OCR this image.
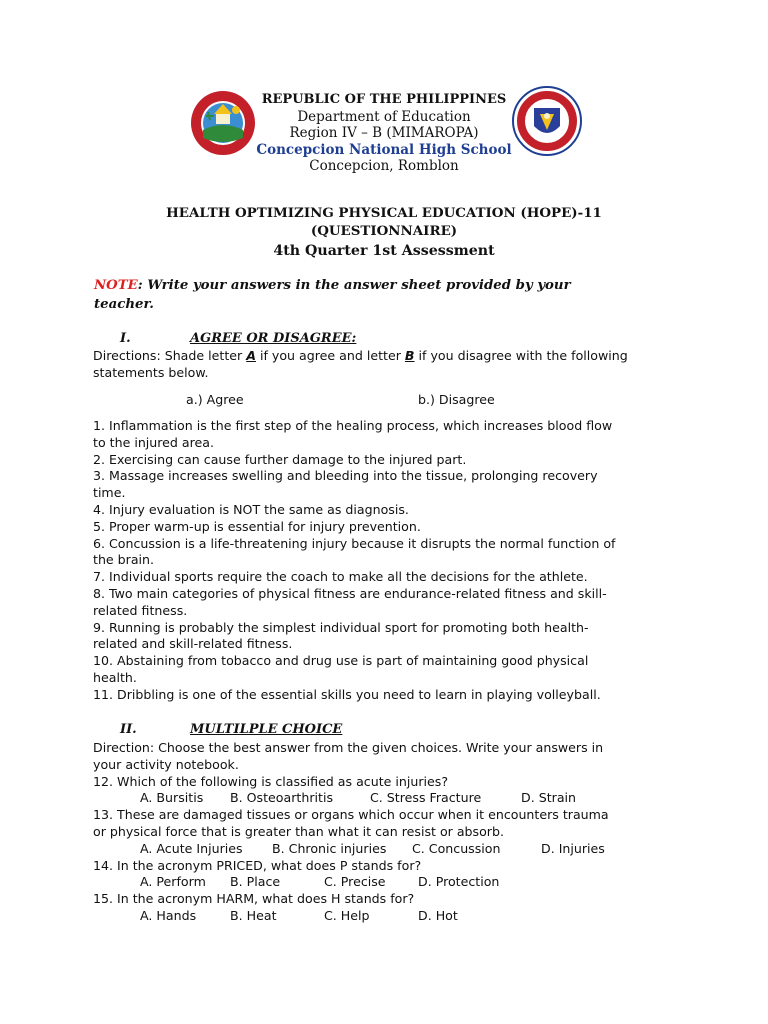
REPUBLIC OF THE PHILIPPINES
Department of Education
Region IV – B (MIMAROPA)
Concepcion National High School
Concepcion, Romblon
HEALTH OPTIMIZING PHYSICAL EDUCATION (HOPE)-11
(QUESTIONNAIRE)
4th Quarter 1st Assessment
NOTE: Write your answers in the answer sheet provided by your
teacher.
I.	AGREE OR DISAGREE:
Directions: Shade letter A if you agree and letter B if you disagree with the following
statements below.
a.) Agree	b.) Disagree
1. Inflammation is the first step of the healing process, which increases blood flow
to the injured area.
2. Exercising can cause further damage to the injured part.
3. Massage increases swelling and bleeding into the tissue, prolonging recovery
time.
4. Injury evaluation is NOT the same as diagnosis.
5. Proper warm-up is essential for injury prevention.
6. Concussion is a life-threatening injury because it disrupts the normal function of
the brain.
7. Individual sports require the coach to make all the decisions for the athlete.
8. Two main categories of physical fitness are endurance-related fitness and skill-
related fitness.
9. Running is probably the simplest individual sport for promoting both health-
related and skill-related fitness.
10. Abstaining from tobacco and drug use is part of maintaining good physical
health.
11. Dribbling is one of the essential skills you need to learn in playing volleyball.
II.	MULTILPLE CHOICE
Direction: Choose the best answer from the given choices. Write your answers in
your activity notebook.
12. Which of the following is classified as acute injuries?
A. Bursitis B. Osteoarthritis	C. Stress Fracture	D. Strain
13. These are damaged tissues or organs which occur when it encounters trauma
or physical force that is greater than what it can resist or absorb.
A. Acute Injuries B. Chronic injuries C. Concussion	D. Injuries
14. In the acronym PRICED, what does P stands for?
A. Perform B. Place	C. Precise	D. Protection
15. In the acronym HARM, what does H stands for?
A. Hands	B. Heat	C. Help	D. Hot
